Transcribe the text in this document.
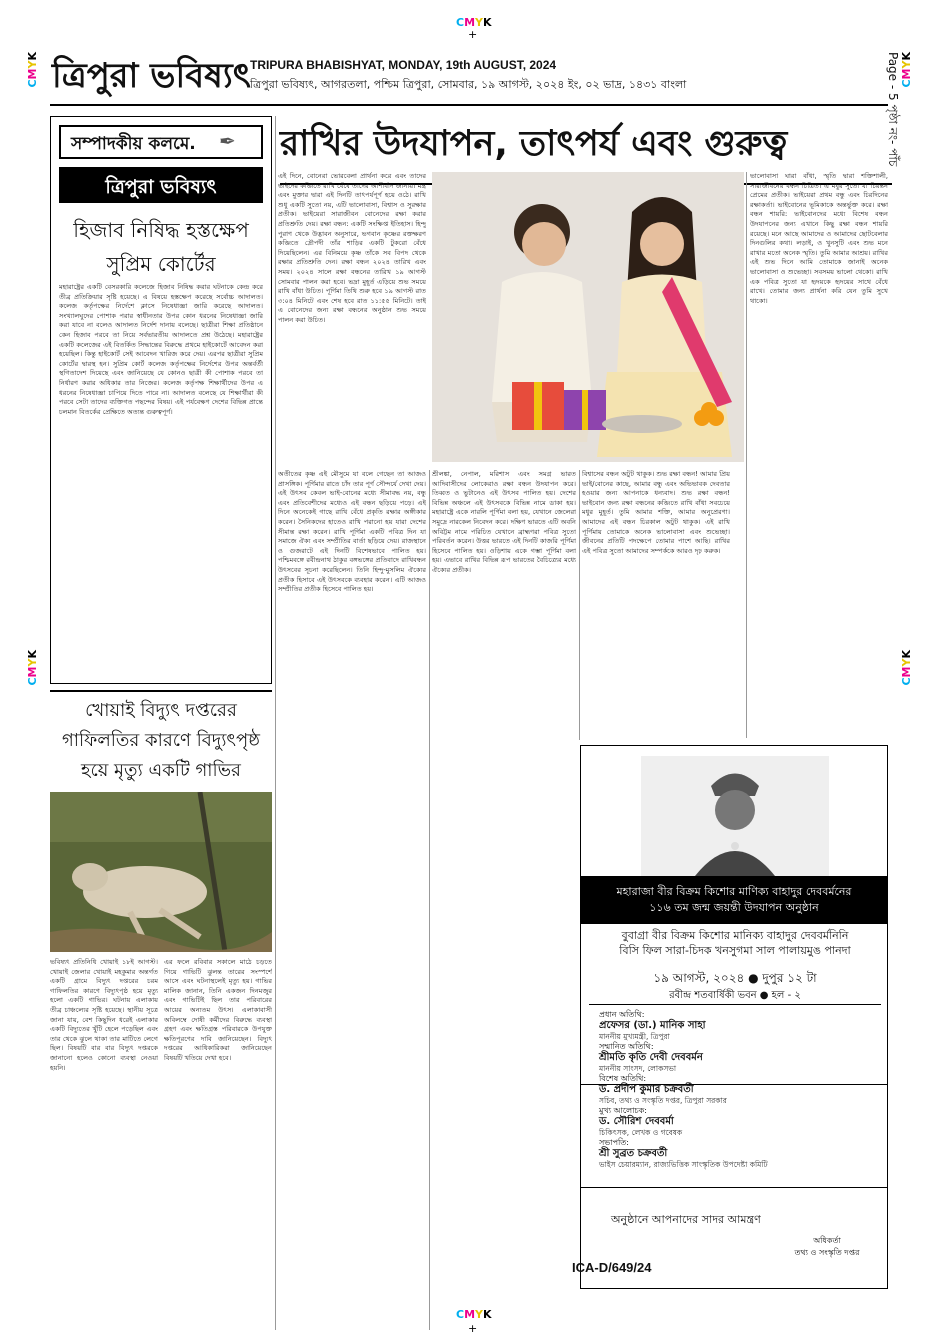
CMYK
+
CMYK
CMYK
CMYK
CMYK
CMYK
+
ত্রিপুরা ভবিষ্যৎ TRIPURA BHABISHYAT, MONDAY, 19th AUGUST, 2024
ত্রিপুরা ভবিষ্যৎ, আগরতলা, পশ্চিম ত্রিপুরা, সোমবার, ১৯ আগস্ট, ২০২৪ ইং, ০২ ভাদ্র, ১৪৩১ বাংলা	Page - 5 পৃষ্ঠা নং- পাঁচ
সম্পাদকীয় কলমে.	✒
ত্রিপুরা ভবিষ্যৎ
হিজাব নিষিদ্ধ হস্তক্ষেপ
সুপ্রিম কোর্টের
মহারাষ্ট্রের একটি বেসরকারি কলেজে হিজাব নিষিদ্ধ করার ঘটনাকে কেন্দ্র করে তীব্র প্রতিক্রিয়ার সৃষ্টি হয়েছে। এ বিষয়ে হস্তক্ষেপ করেছে সর্বোচ্চ আদালত। কলেজ কর্তৃপক্ষের নির্দেশে ক্লাসে নিষেধাজ্ঞা জারি করেছে আদালত। সংখ্যালঘুদের পোশাক পরার স্বাধীনতার উপর কোন ধরনের নিষেধাজ্ঞা জারি করা যাবে না বলেও আদালত নির্দেশ দানায় বলেছে। ছাত্রীরা শিক্ষা প্রতিষ্ঠানে কেন হিজাব পরবে তা নিয়ে সর্বভারতীয় আদালতে প্রশ্ন উঠেছে। মহারাষ্ট্রের একটি কলেজের এই বিতর্কিত সিদ্ধান্তের বিরুদ্ধে প্রথমে হাইকোর্টে আবেদন করা হয়েছিল। কিন্তু হাইকোর্ট সেই আবেদন খারিজ করে দেয়। এরপর ছাত্রীরা সুপ্রিম কোর্টের দ্বারস্থ হন। সুপ্রিম কোর্ট কলেজ কর্তৃপক্ষের নির্দেশের উপর অন্তর্বর্তী স্থগিতাদেশ দিয়েছে এবং জানিয়েছে যে কোনও ছাত্রী কী পোশাক পরবে তা নির্ধারণ করার অধিকার তার নিজের। কলেজ কর্তৃপক্ষ শিক্ষার্থীদের উপর এ ধরনের নিষেধাজ্ঞা চাপিয়ে দিতে পারে না। আদালত বলেছে যে শিক্ষার্থীরা কী পরবে সেটা তাদের ব্যক্তিগত পছন্দের বিষয়। এই পর্যবেক্ষণ দেশের বিভিন্ন প্রান্তে চলমান বিতর্কের প্রেক্ষিতে অত্যন্ত গুরুত্বপূর্ণ।
খোয়াই বিদ্যুৎ দপ্তরের
গাফিলতির কারণে বিদ্যুৎপৃষ্ঠ
হয়ে মৃত্যু একটি গাভির
ভবিষ্যৎ প্রতিনিধি খোয়াই ১৮ই আগস্ট। খোয়াই জেলার খোয়াই মহকুমার অন্তর্গত একটি গ্রামে বিদ্যুৎ দপ্তরের চরম গাফিলতির কারণে বিদ্যুৎপৃষ্ঠ হয়ে মৃত্যু হলো একটি গাভির। ঘটনায় এলাকায় তীব্র চাঞ্চল্যের সৃষ্টি হয়েছে। স্থানীয় সূত্রে জানা যায়, বেশ কিছুদিন ধরেই এলাকার একটি বিদ্যুতের খুঁটি হেলে পড়েছিল এবং তার থেকে ঝুলে থাকা তার মাটিতে লেগে ছিল। বিষয়টি বার বার বিদ্যুৎ দপ্তরকে জানানো হলেও কোনো ব্যবস্থা নেওয়া হয়নি।
এর ফলে রবিবার সকালে মাঠে চড়তে গিয়ে গাভিটি ঝুলন্ত তারের সংস্পর্শে আসে এবং ঘটনাস্থলেই মৃত্যু হয়। গাভির মালিক জানান, তিনি একজন দিনমজুর এবং গাভিটিই ছিল তার পরিবারের আয়ের অন্যতম উৎস। এলাকাবাসী অবিলম্বে দোষী কর্মীদের বিরুদ্ধে ব্যবস্থা গ্রহণ এবং ক্ষতিগ্রস্ত পরিবারকে উপযুক্ত ক্ষতিপূরণের দাবি জানিয়েছেন। বিদ্যুৎ দপ্তরের আধিকারিকরা জানিয়েছেন বিষয়টি খতিয়ে দেখা হবে।
রাখির উদযাপন, তাৎপর্য এবং গুরুত্ব
এই দিনে, বোনেরা ভোরবেলা প্রার্থনা করে এবং তাদের ভাইদের কব্জিতে রাখি বেঁধে তাদের আশীর্বাদ জানায়। মন্ত্র এবং মুক্তার দ্বারা এই দিনটি তাৎপর্যপূর্ণ হয়ে ওঠে। রাখি শুধু একটি সুতো নয়, এটি ভালোবাসা, বিশ্বাস ও সুরক্ষার প্রতীক। ভাইয়েরা সারাজীবন বোনেদের রক্ষা করার প্রতিশ্রুতি দেয়। রক্ষা বন্ধন: একটি সংক্ষিপ্ত ইতিহাস। হিন্দু পুরাণ থেকে উদ্ভাবন অনুসারে, ভগবান কৃষ্ণের রক্তক্ষরণ কব্জিতে দ্রৌপদী তাঁর শাড়ির একটি টুকরো বেঁধে দিয়েছিলেন। এর বিনিময়ে কৃষ্ণ তাঁকে সব বিপদ থেকে রক্ষার প্রতিশ্রুতি দেন। রক্ষা বন্ধন ২০২৪ তারিখ এবং সময়। ২০২৪ সালে রক্ষা বন্ধনের তারিখ ১৯ আগস্ট সোমবার পালন করা হবে। ভদ্রা মুহূর্ত এড়িয়ে শুভ সময়ে রাখি বাঁধা উচিত। পূর্ণিমা তিথি শুরু হবে ১৯ আগস্ট রাত ৩:০৪ মিনিটে এবং শেষ হবে রাত ১১:৫৫ মিনিটে। তাই এ বোনেদের জন্য রক্ষা বন্ধনের অনুষ্ঠান শুভ সময়ে পালন করা উচিত।
অতীতের কৃষ্ণ এই মৌসুমে যা বলে গেছেন তা আজও প্রাসঙ্গিক। পূর্ণিমার রাতে চাঁদ তার পূর্ণ সৌন্দর্যে দেখা দেয়। এই উৎসব কেবল ভাই-বোনের মধ্যে সীমাবদ্ধ নয়, বন্ধু এবং প্রতিবেশীদের মধ্যেও এই বন্ধন ছড়িয়ে পড়ে। এই দিনে অনেকেই গাছে রাখি বেঁধে প্রকৃতি রক্ষার অঙ্গীকার করেন। সৈনিকদের হাতেও রাখি পরানো হয় যারা দেশের সীমান্ত রক্ষা করেন। রাখি পূর্ণিমা একটি পবিত্র দিন যা সমাজে ঐক্য এবং সম্প্রীতির বার্তা ছড়িয়ে দেয়। রাজস্থানে ও গুজরাটে এই দিনটি বিশেষভাবে পালিত হয়। পশ্চিমবঙ্গে রবীন্দ্রনাথ ঠাকুর বঙ্গভঙ্গের প্রতিবাদে রাখিবন্ধন উৎসবের সূচনা করেছিলেন। তিনি হিন্দু-মুসলিম ঐক্যের প্রতীক হিসাবে এই উৎসবকে ব্যবহার করেন। এটি আজও সম্প্রীতির প্রতীক হিসেবে পালিত হয়।
শ্রীলঙ্কা, নেপাল, মরিশাস এবং সমগ্র ভারত আদিবাসীদের লোকেরাও রক্ষা বন্ধন উদযাপন করে। তিব্বত ও ভুটানেও এই উৎসব পালিত হয়। দেশের বিভিন্ন অঞ্চলে এই উৎসবকে বিভিন্ন নামে ডাকা হয়। মহারাষ্ট্রে একে নারলি পূর্ণিমা বলা হয়, যেখানে জেলেরা সমুদ্রে নারকেল নিবেদন করে। দক্ষিণ ভারতে এটি অবনি অবিট্টম নামে পরিচিত যেখানে ব্রাহ্মণরা পবিত্র সুতো পরিবর্তন করেন। উত্তর ভারতে এই দিনটি কাজরি পূর্ণিমা হিসেবে পালিত হয়। ওড়িশায় একে গম্ভা পূর্ণিমা বলা হয়। এভাবে রাখির বিভিন্ন রূপ ভারতের বৈচিত্র্যের মধ্যে ঐক্যের প্রতীক।
বিশ্বাসের বন্ধন অটুট থাকুক। শুভ রক্ষা বন্ধন! আমার প্রিয় ভাই/বোনের কাছে, আমার বন্ধু এবং অভিভাবক দেবতার হওয়ার জন্য আপনাকে ধন্যবাদ। শুভ রক্ষা বন্ধন! ভাইবোন জন্য রক্ষা বন্ধনের কব্জিতে রাখি বাঁধা সবচেয়ে মধুর মুহূর্ত। তুমি আমার শক্তি, আমার অনুপ্রেরণা। আমাদের এই বন্ধন চিরকাল অটুট থাকুক। এই রাখি পূর্ণিমায় তোমাকে অনেক ভালোবাসা এবং শুভেচ্ছা। জীবনের প্রতিটি পদক্ষেপে তোমার পাশে আছি। রাখির এই পবিত্র সুতো আমাদের সম্পর্ককে আরও দৃঢ় করুক।
ভালোবাসা ঘারা বাঁধা, স্মৃতি দ্বারা শক্তিশালী, সারাজীবনের বন্ধন চিত্রিত। এ মধুর সুতো যা চিরন্তন প্রেমের প্রতীক। ভাইয়েরা প্রথম বন্ধু এবং চিরদিনের রক্ষাকর্তা। ভাইবোনের ভূমিকাকে অন্তর্ভুক্ত করে। রক্ষা বন্ধন শায়রি: ভাইবোনদের মধ্যে বিশেষ বন্ধন উদযাপনের জন্য এখানে কিছু রক্ষা বন্ধন শায়রি রয়েছে। মনে আছে আমাদের ও আমাদের ছোটবেলার দিনগুলির কথা। লড়াই, ও খুনসুটি এবং শুভ মনে রাখার মতো অনেক স্মৃতি। তুমি আমার আশ্রয়। রাখির এই শুভ দিনে আমি তোমাকে জানাই অনেক ভালোবাসা ও শুভেচ্ছা। সবসময় ভালো থেকো। রাখি এক পবিত্র সুতো যা হৃদয়কে হৃদয়ের সাথে বেঁধে রাখে। তোমার জন্য প্রার্থনা করি যেন তুমি সুখে থাকো।
মহারাজা বীর বিক্রম কিশোর মাণিক্য বাহাদুর দেববর্মনের
১১৬ তম জন্ম জয়ন্তী উদযাপন অনুষ্ঠান
বুবাগ্রা বীর বিক্রম কিশোর মানিক্য বাহাদুর দেববর্মনিনি
বিসি ফিল সারা-চিদক খনসুগমা সাল পালায়মুঙ পানদা
১৯ আগস্ট, ২০২৪ ● দুপুর ১২ টা
রবীন্দ্র শতবার্ষিকী ভবন ● হল - ২
প্রধান অতিথি:
প্রফেসর (ডা.) মানিক সাহা
মাননীয় মুখ্যমন্ত্রী, ত্রিপুরা
সম্মানিত অতিথি:
শ্রীমতি কৃতি দেবী দেববর্মন
মাননীয় সাংসদ, লোকসভা
বিশেষ অতিথি:
ড. প্রদীপ কুমার চক্রবর্তী
সচিব, তথ্য ও সংস্কৃতি দপ্তর, ত্রিপুরা সরকার
মুখ্য আলোচক:
ড. সৌরিশ দেববর্মা
চিকিৎসক, লেখক ও গবেষক
সভাপতি:
শ্রী সুব্রত চক্রবর্তী
ভাইস চেয়ারম্যান, রাজ্যভিত্তিক সাংস্কৃতিক উপদেষ্টা কমিটি
অনুষ্ঠানে আপনাদের সাদর আমন্ত্রণ
অধিকর্তা
তথ্য ও সংস্কৃতি দপ্তর
ICA-D/649/24
